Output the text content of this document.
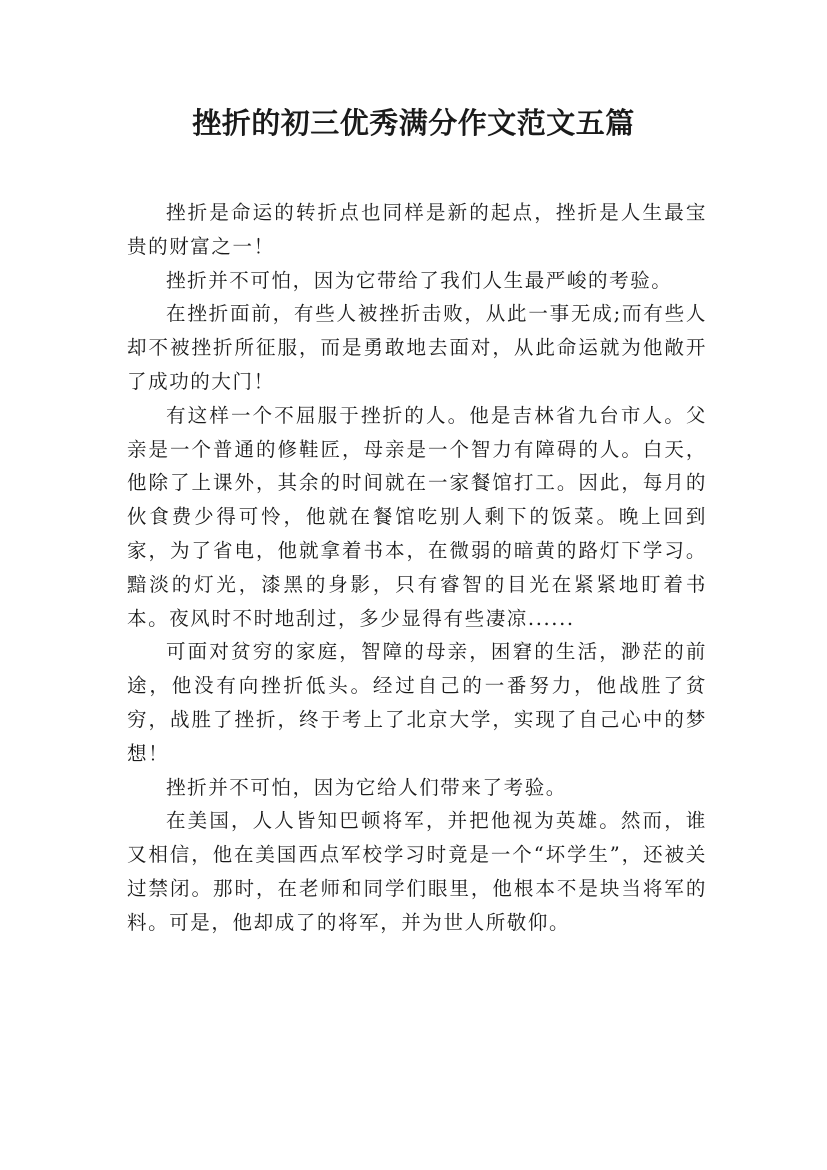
挫折的初三优秀满分作文范文五篇

挫折是命运的转折点也同样是新的起点，挫折是人生最宝贵的财富之一！

挫折并不可怕，因为它带给了我们人生最严峻的考验。

在挫折面前，有些人被挫折击败，从此一事无成;而有些人却不被挫折所征服，而是勇敢地去面对，从此命运就为他敞开了成功的大门！

有这样一个不屈服于挫折的人。他是吉林省九台市人。父亲是一个普通的修鞋匠，母亲是一个智力有障碍的人。白天，他除了上课外，其余的时间就在一家餐馆打工。因此，每月的伙食费少得可怜，他就在餐馆吃别人剩下的饭菜。晚上回到家，为了省电，他就拿着书本，在微弱的暗黄的路灯下学习。黯淡的灯光，漆黑的身影，只有睿智的目光在紧紧地盯着书本。夜风时不时地刮过，多少显得有些凄凉......

可面对贫穷的家庭，智障的母亲，困窘的生活，渺茫的前途，他没有向挫折低头。经过自己的一番努力，他战胜了贫穷，战胜了挫折，终于考上了北京大学，实现了自己心中的梦想！

挫折并不可怕，因为它给人们带来了考验。

在美国，人人皆知巴顿将军，并把他视为英雄。然而，谁又相信，他在美国西点军校学习时竟是一个“坏学生”，还被关过禁闭。那时，在老师和同学们眼里，他根本不是块当将军的料。可是，他却成了的将军，并为世人所敬仰。
